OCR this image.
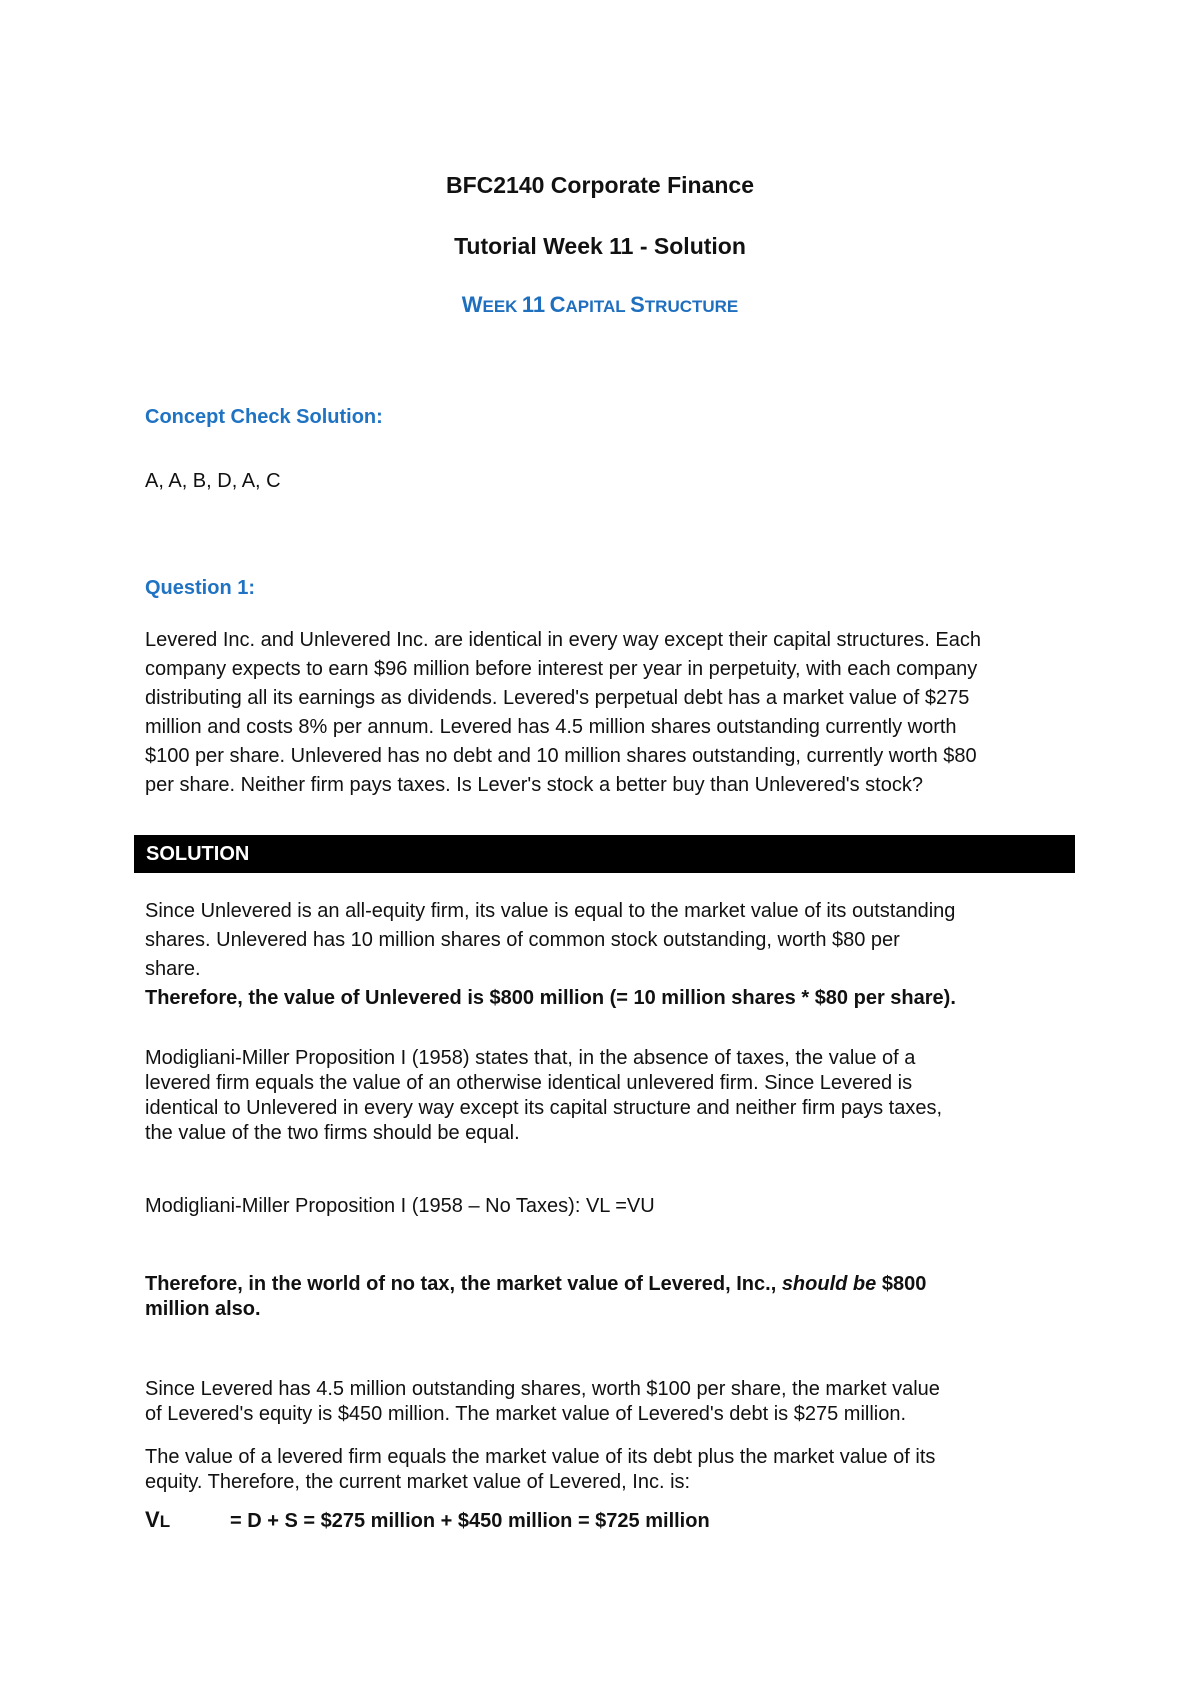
BFC2140 Corporate Finance
Tutorial Week 11 - Solution
WEEK 11 CAPITAL STRUCTURE
Concept Check Solution:
A, A, B, D, A, C
Question 1:
Levered Inc. and Unlevered Inc. are identical in every way except their capital structures. Each
company expects to earn $96 million before interest per year in perpetuity, with each company
distributing all its earnings as dividends. Levered's perpetual debt has a market value of $275
million and costs 8% per annum. Levered has 4.5 million shares outstanding currently worth
$100 per share. Unlevered has no debt and 10 million shares outstanding, currently worth $80
per share. Neither firm pays taxes. Is Lever's stock a better buy than Unlevered's stock?
SOLUTION
Since Unlevered is an all-equity firm, its value is equal to the market value of its outstanding
shares. Unlevered has 10 million shares of common stock outstanding, worth $80 per
share.
Therefore, the value of Unlevered is $800 million (= 10 million shares * $80 per share).
Modigliani-Miller Proposition I (1958) states that, in the absence of taxes, the value of a
levered firm equals the value of an otherwise identical unlevered firm. Since Levered is
identical to Unlevered in every way except its capital structure and neither firm pays taxes,
the value of the two firms should be equal.
Modigliani-Miller Proposition I (1958 – No Taxes): VL =VU
Therefore, in the world of no tax, the market value of Levered, Inc., should be $800
million also.
Since Levered has 4.5 million outstanding shares, worth $100 per share, the market value
of Levered's equity is $450 million. The market value of Levered's debt is $275 million.
The value of a levered firm equals the market value of its debt plus the market value of its
equity. Therefore, the current market value of Levered, Inc. is:
VL	= D + S = $275 million + $450 million = $725 million
